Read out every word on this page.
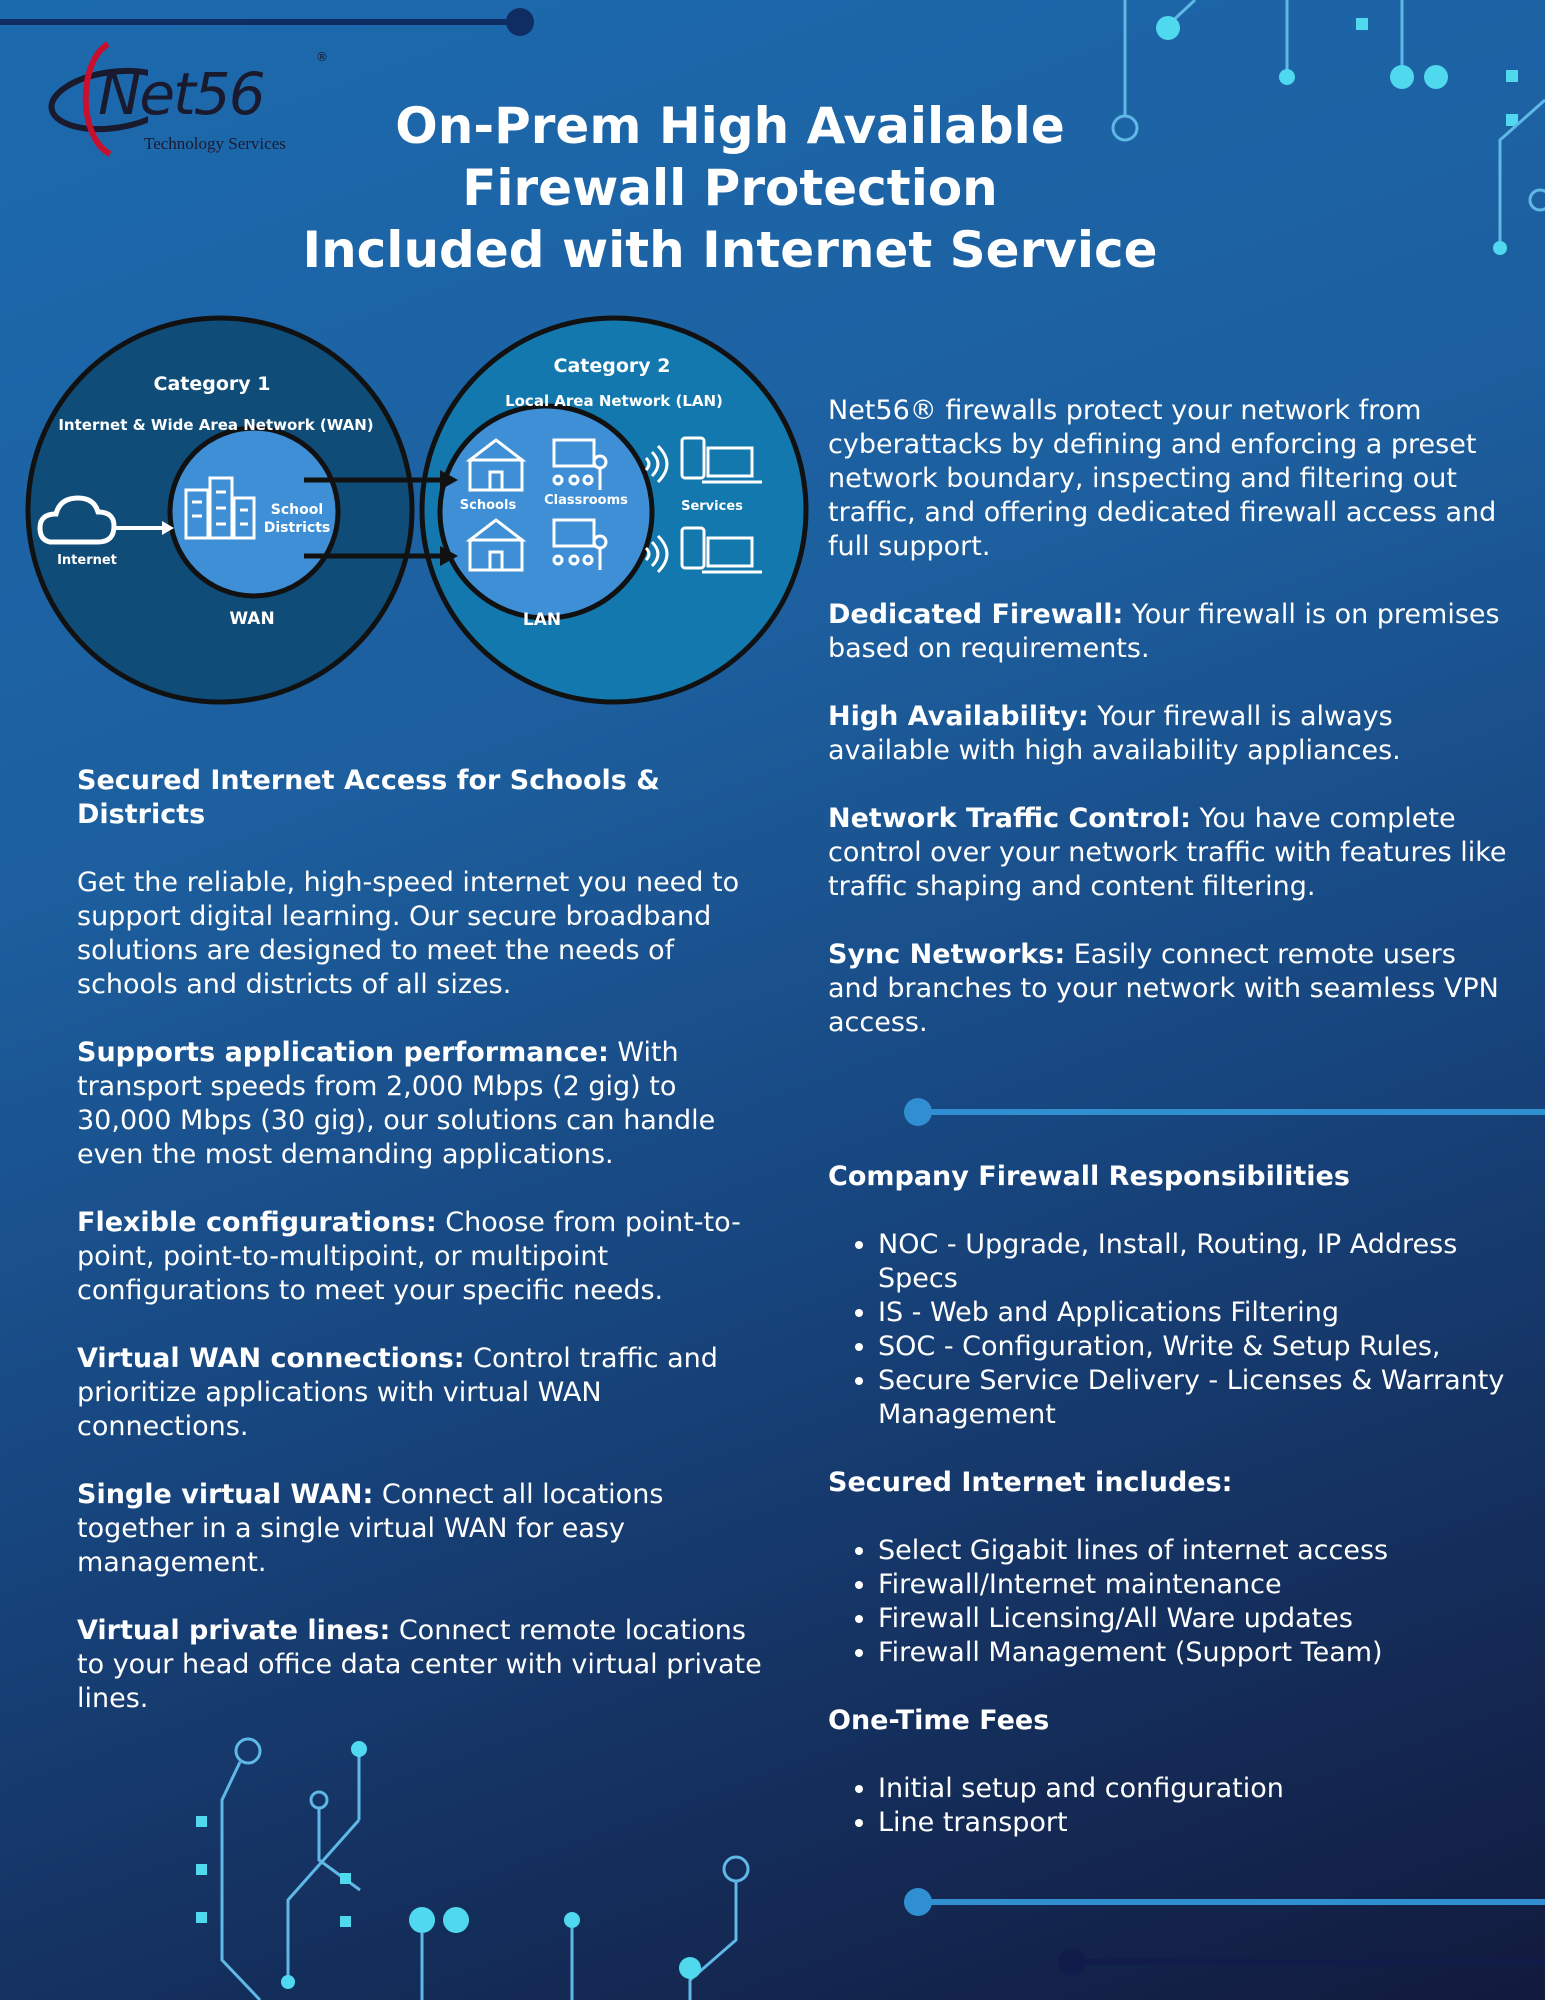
Net56
®
Technology Services	On-Prem High Available
Firewall Protection
Included with Internet Service
Category 1
Internet & Wide Area Network (WAN)
Category 2
Local Area Network (LAN)
Internet
School
Districts
WAN
Schools Classrooms	Services
LAN
Secured Internet Access for Schools & Districts

Get the reliable, high-speed internet you need to support digital learning. Our secure broadband solutions are designed to meet the needs of schools and districts of all sizes.

Supports application performance: With transport speeds from 2,000 Mbps (2 gig) to 30,000 Mbps (30 gig), our solutions can handle even the most demanding applications.

Flexible configurations: Choose from point-to-point, point-to-multipoint, or multipoint configurations to meet your specific needs.

Virtual WAN connections: Control traffic and prioritize applications with virtual WAN connections.

Single virtual WAN: Connect all locations together in a single virtual WAN for easy management.

Virtual private lines: Connect remote locations to your head office data center with virtual private lines.

Net56® firewalls protect your network from cyberattacks by defining and enforcing a preset network boundary, inspecting and filtering out traffic, and offering dedicated firewall access and full support.

Dedicated Firewall: Your firewall is on premises based on requirements.

High Availability: Your firewall is always available with high availability appliances.

Network Traffic Control: You have complete control over your network traffic with features like traffic shaping and content filtering.

Sync Networks: Easily connect remote users and branches to your network with seamless VPN access.

Company Firewall Responsibilities
• NOC - Upgrade, Install, Routing, IP Address Specs
• IS - Web and Applications Filtering
• SOC - Configuration, Write & Setup Rules,
• Secure Service Delivery - Licenses & Warranty Management
Secured Internet includes:
• Select Gigabit lines of internet access
• Firewall/Internet maintenance
• Firewall Licensing/All Ware updates
• Firewall Management (Support Team)
One-Time Fees
• Initial setup and configuration
• Line transport
